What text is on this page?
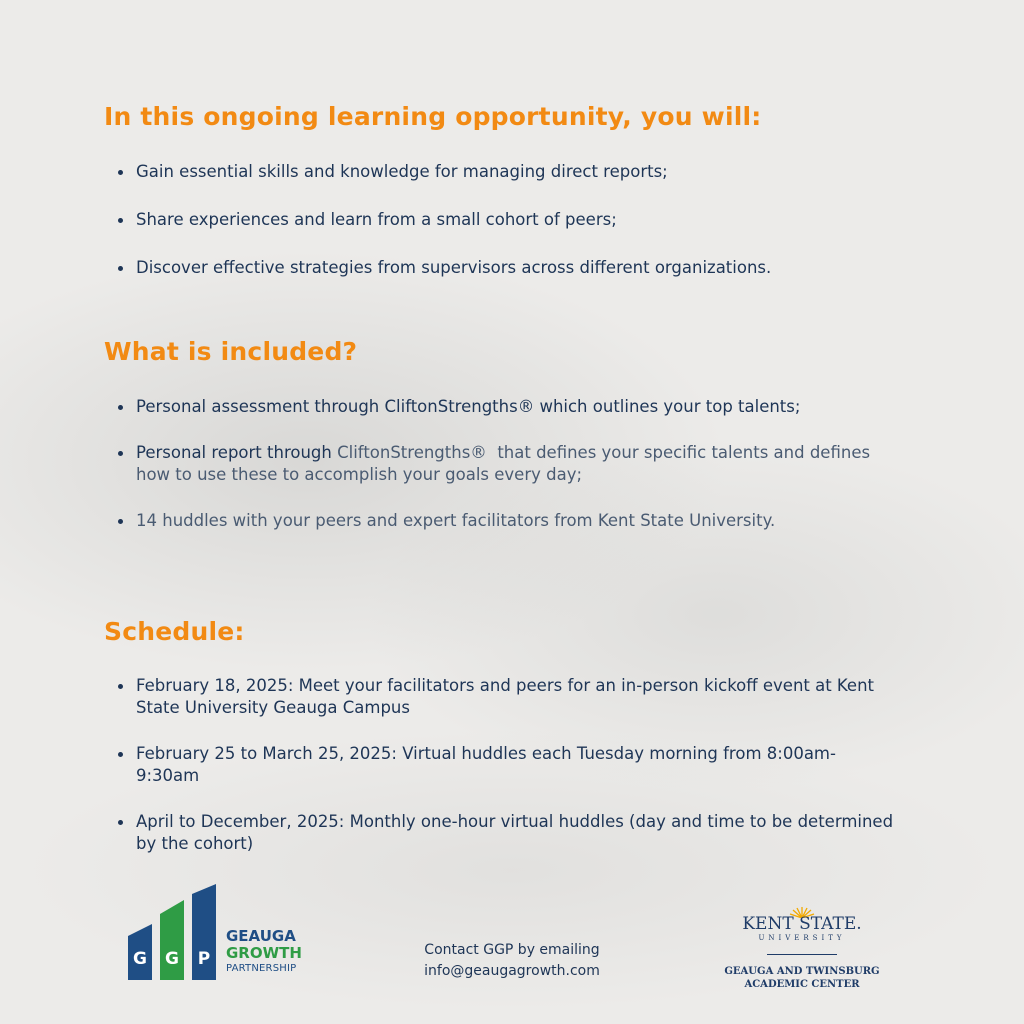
In this ongoing learning opportunity, you will:
Gain essential skills and knowledge for managing direct reports;
Share experiences and learn from a small cohort of peers;
Discover effective strategies from supervisors across different organizations.
What is included?
Personal assessment through CliftonStrengths® which outlines your top talents;
Personal report through CliftonStrengths® that defines your specific talents and defines how to use these to accomplish your goals every day;
14 huddles with your peers and expert facilitators from Kent State University.
Schedule:
February 18, 2025: Meet your facilitators and peers for an in-person kickoff event at Kent State University Geauga Campus
February 25 to March 25, 2025: Virtual huddles each Tuesday morning from 8:00am-9:30am
April to December, 2025: Monthly one-hour virtual huddles (day and time to be determined by the cohort)
G G P
GEAUGA
GROWTH
PARTNERSHIP
Contact GGP by emailing
info@geaugagrowth.com
KENT STATE.
UNIVERSITY
GEAUGA AND TWINSBURG
ACADEMIC CENTER
